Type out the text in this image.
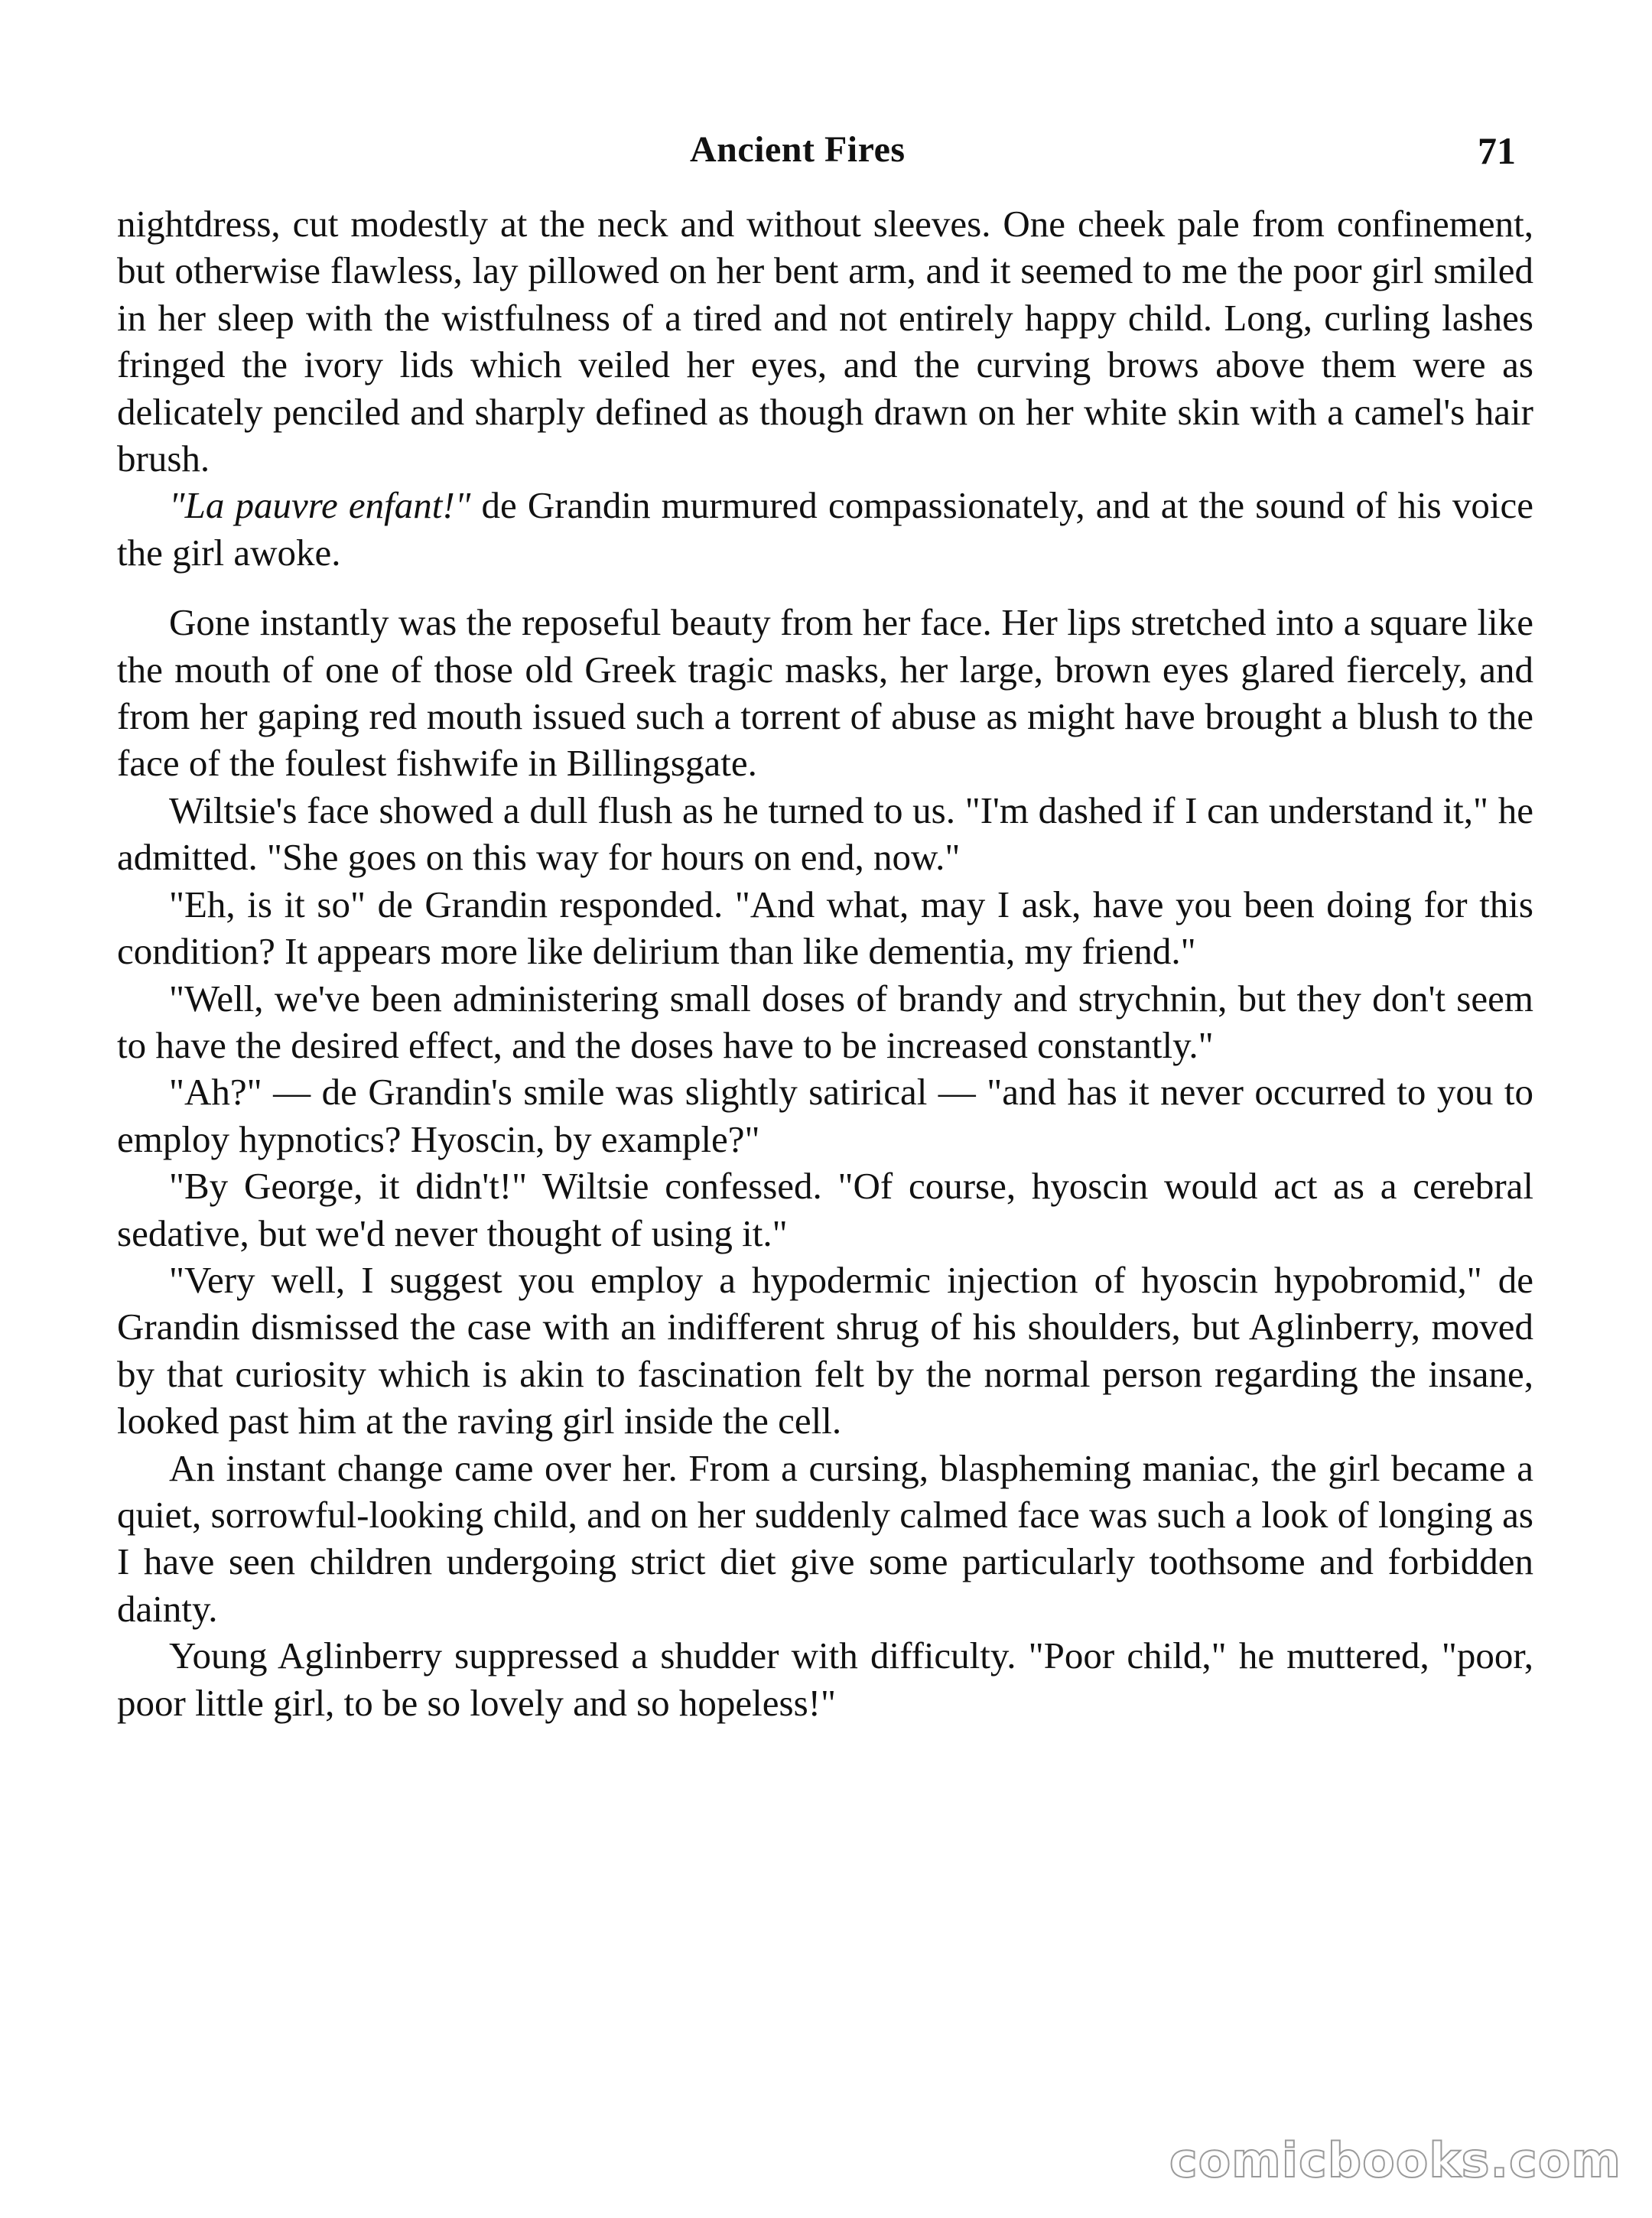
Ancient Fires	71

nightdress, cut modestly at the neck and without sleeves. One cheek pale from confinement, but otherwise flawless, lay pillowed on her bent arm, and it seemed to me the poor girl smiled in her sleep with the wistfulness of a tired and not entirely happy child. Long, curling lashes fringed the ivory lids which veiled her eyes, and the curving brows above them were as delicately penciled and sharply defined as though drawn on her white skin with a camel's hair brush.

"La pauvre enfant!" de Grandin murmured compassionately, and at the sound of his voice the girl awoke.

Gone instantly was the reposeful beauty from her face. Her lips stretched into a square like the mouth of one of those old Greek tragic masks, her large, brown eyes glared fiercely, and from her gaping red mouth issued such a torrent of abuse as might have brought a blush to the face of the foulest fishwife in Billingsgate.

Wiltsie's face showed a dull flush as he turned to us. "I'm dashed if I can understand it," he admitted. "She goes on this way for hours on end, now."

"Eh, is it so" de Grandin responded. "And what, may I ask, have you been doing for this condition? It appears more like delirium than like dementia, my friend."

"Well, we've been administering small doses of brandy and strychnin, but they don't seem to have the desired effect, and the doses have to be increased constantly."

"Ah?" — de Grandin's smile was slightly satirical — "and has it never occurred to you to employ hypnotics? Hyoscin, by example?"

"By George, it didn't!" Wiltsie confessed. "Of course, hyoscin would act as a cerebral sedative, but we'd never thought of using it."

"Very well, I suggest you employ a hypodermic injection of hyoscin hypobromid," de Grandin dismissed the case with an indifferent shrug of his shoulders, but Aglinberry, moved by that curiosity which is akin to fascination felt by the normal person regarding the insane, looked past him at the raving girl inside the cell.

An instant change came over her. From a cursing, blaspheming maniac, the girl became a quiet, sorrowful-looking child, and on her suddenly calmed face was such a look of longing as I have seen children undergoing strict diet give some particularly toothsome and forbidden dainty.

Young Aglinberry suppressed a shudder with difficulty. "Poor child," he muttered, "poor, poor little girl, to be so lovely and so hopeless!"

comicbooks.com
